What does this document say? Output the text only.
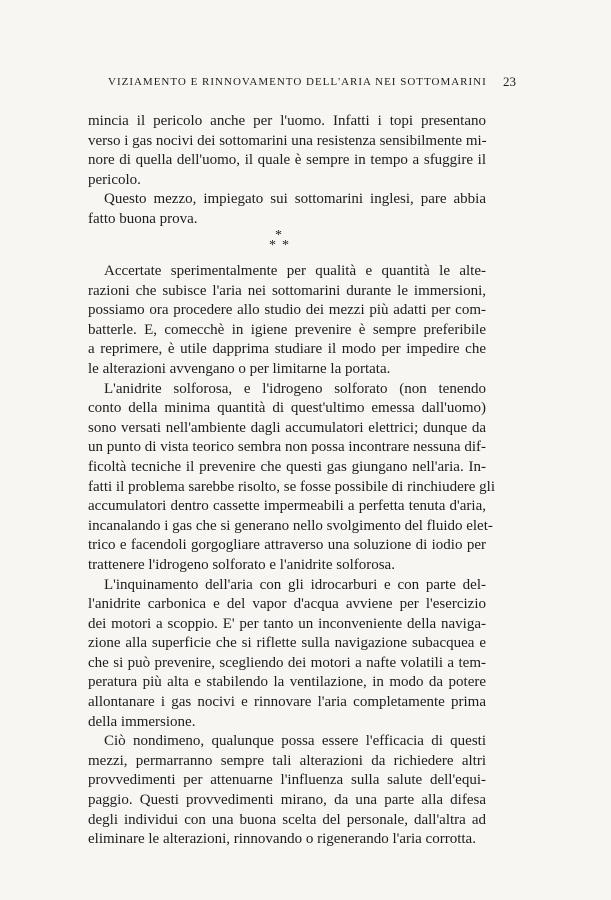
VIZIAMENTO E RINNOVAMENTO DELL'ARIA NEI SOTTOMARINI 23
mincia il pericolo anche per l'uomo. Infatti i topi presentano
verso i gas nocivi dei sottomarini una resistenza sensibilmente mi-
nore di quella dell'uomo, il quale è sempre in tempo a sfuggire il
pericolo.
Questo mezzo, impiegato sui sottomarini inglesi, pare abbia
fatto buona prova.
*
* *
Accertate sperimentalmente per qualità e quantità le alte-
razioni che subisce l'aria nei sottomarini durante le immersioni,
possiamo ora procedere allo studio dei mezzi più adatti per com-
batterle. E, comecchè in igiene prevenire è sempre preferibile
a reprimere, è utile dapprima studiare il modo per impedire che
le alterazioni avvengano o per limitarne la portata.
L'anidrite solforosa, e l'idrogeno solforato (non tenendo
conto della minima quantità di quest'ultimo emessa dall'uomo)
sono versati nell'ambiente dagli accumulatori elettrici; dunque da
un punto di vista teorico sembra non possa incontrare nessuna dif-
ficoltà tecniche il prevenire che questi gas giungano nell'aria. In-
fatti il problema sarebbe risolto, se fosse possibile di rinchiudere gli
accumulatori dentro cassette impermeabili a perfetta tenuta d'aria,
incanalando i gas che si generano nello svolgimento del fluido elet-
trico e facendoli gorgogliare attraverso una soluzione di iodio per
trattenere l'idrogeno solforato e l'anidrite solforosa.
L'inquinamento dell'aria con gli idrocarburi e con parte del-
l'anidrite carbonica e del vapor d'acqua avviene per l'esercizio
dei motori a scoppio. E' per tanto un inconveniente della naviga-
zione alla superficie che si riflette sulla navigazione subacquea e
che si può prevenire, scegliendo dei motori a nafte volatili a tem-
peratura più alta e stabilendo la ventilazione, in modo da potere
allontanare i gas nocivi e rinnovare l'aria completamente prima
della immersione.
Ciò nondimeno, qualunque possa essere l'efficacia di questi
mezzi, permarranno sempre tali alterazioni da richiedere altri
provvedimenti per attenuarne l'influenza sulla salute dell'equi-
paggio. Questi provvedimenti mirano, da una parte alla difesa
degli individui con una buona scelta del personale, dall'altra ad
eliminare le alterazioni, rinnovando o rigenerando l'aria corrotta.
